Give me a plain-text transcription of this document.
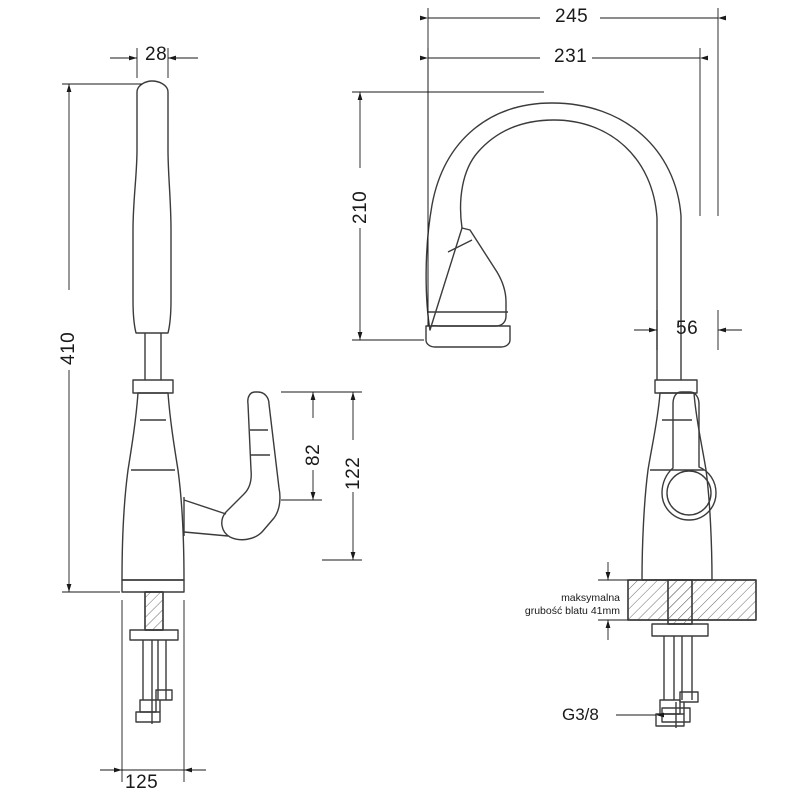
28
410
125
82
122
245
231
210
56
maksymalna
grubość blatu 41mm
G3/8
